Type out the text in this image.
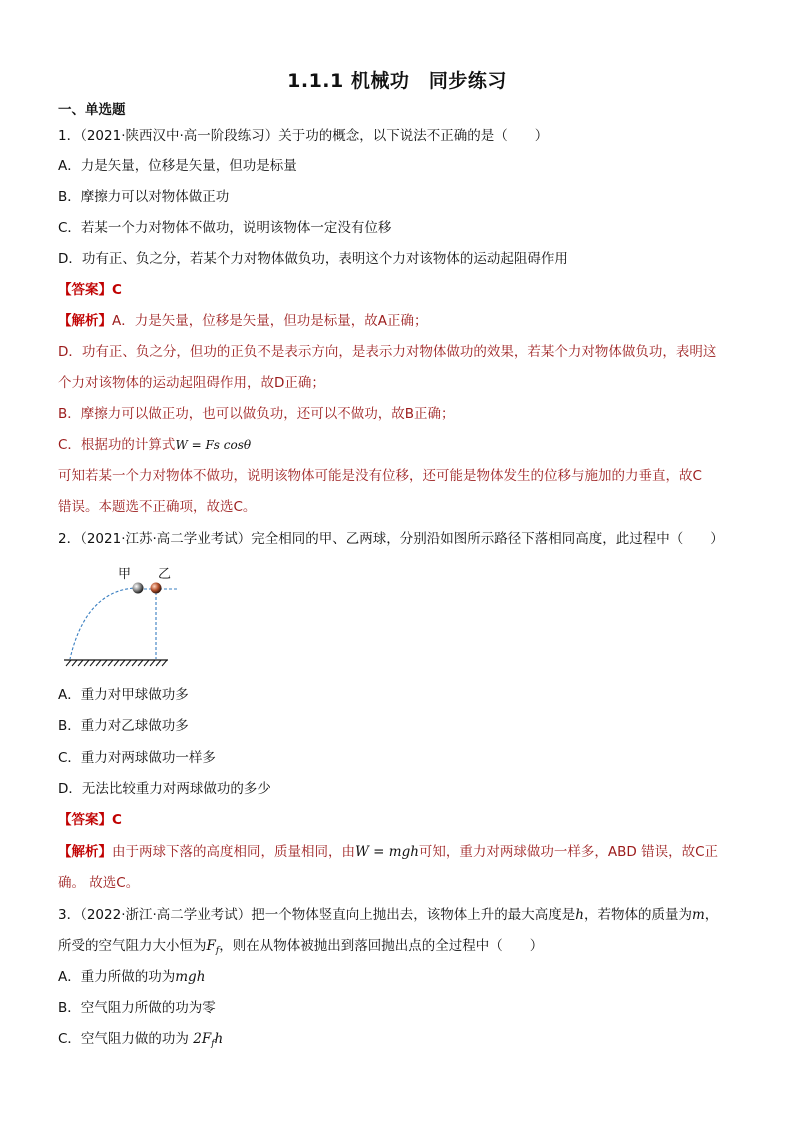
1.1.1 机械功　同步练习
一、单选题
1．（2021·陕西汉中·高一阶段练习）关于功的概念，以下说法不正确的是（　　）
A．力是矢量，位移是矢量，但功是标量
B．摩擦力可以对物体做正功
C．若某一个力对物体不做功，说明该物体一定没有位移
D．功有正、负之分，若某个力对物体做负功，表明这个力对该物体的运动起阻碍作用
【答案】C
【解析】A．力是矢量，位移是矢量，但功是标量，故A正确；
D．功有正、负之分，但功的正负不是表示方向，是表示力对物体做功的效果，若某个力对物体做负功，表明这
个力对该物体的运动起阻碍作用，故D正确；
B．摩擦力可以做正功，也可以做负功，还可以不做功，故B正确；
C．根据功的计算式W = Fs cosθ
可知若某一个力对物体不做功，说明该物体可能是没有位移，还可能是物体发生的位移与施加的力垂直，故C
错误。本题选不正确项，故选C。
2．（2021·江苏·高二学业考试）完全相同的甲、乙两球，分别沿如图所示路径下落相同高度，此过程中（　　）
甲 乙
A．重力对甲球做功多
B．重力对乙球做功多
C．重力对两球做功一样多
D．无法比较重力对两球做功的多少
【答案】C
【解析】由于两球下落的高度相同，质量相同，由W = mgh可知，重力对两球做功一样多，ABD 错误，故C正
确。 故选C。
3．（2022·浙江·高二学业考试）把一个物体竖直向上抛出去，该物体上升的最大高度是h，若物体的质量为m，
所受的空气阻力大小恒为$F_f$，则在从物体被抛出到落回抛出点的全过程中（　　）
A．重力所做的功为mgh
B．空气阻力所做的功为零
C．空气阻力做的功为 $2F_fh$
